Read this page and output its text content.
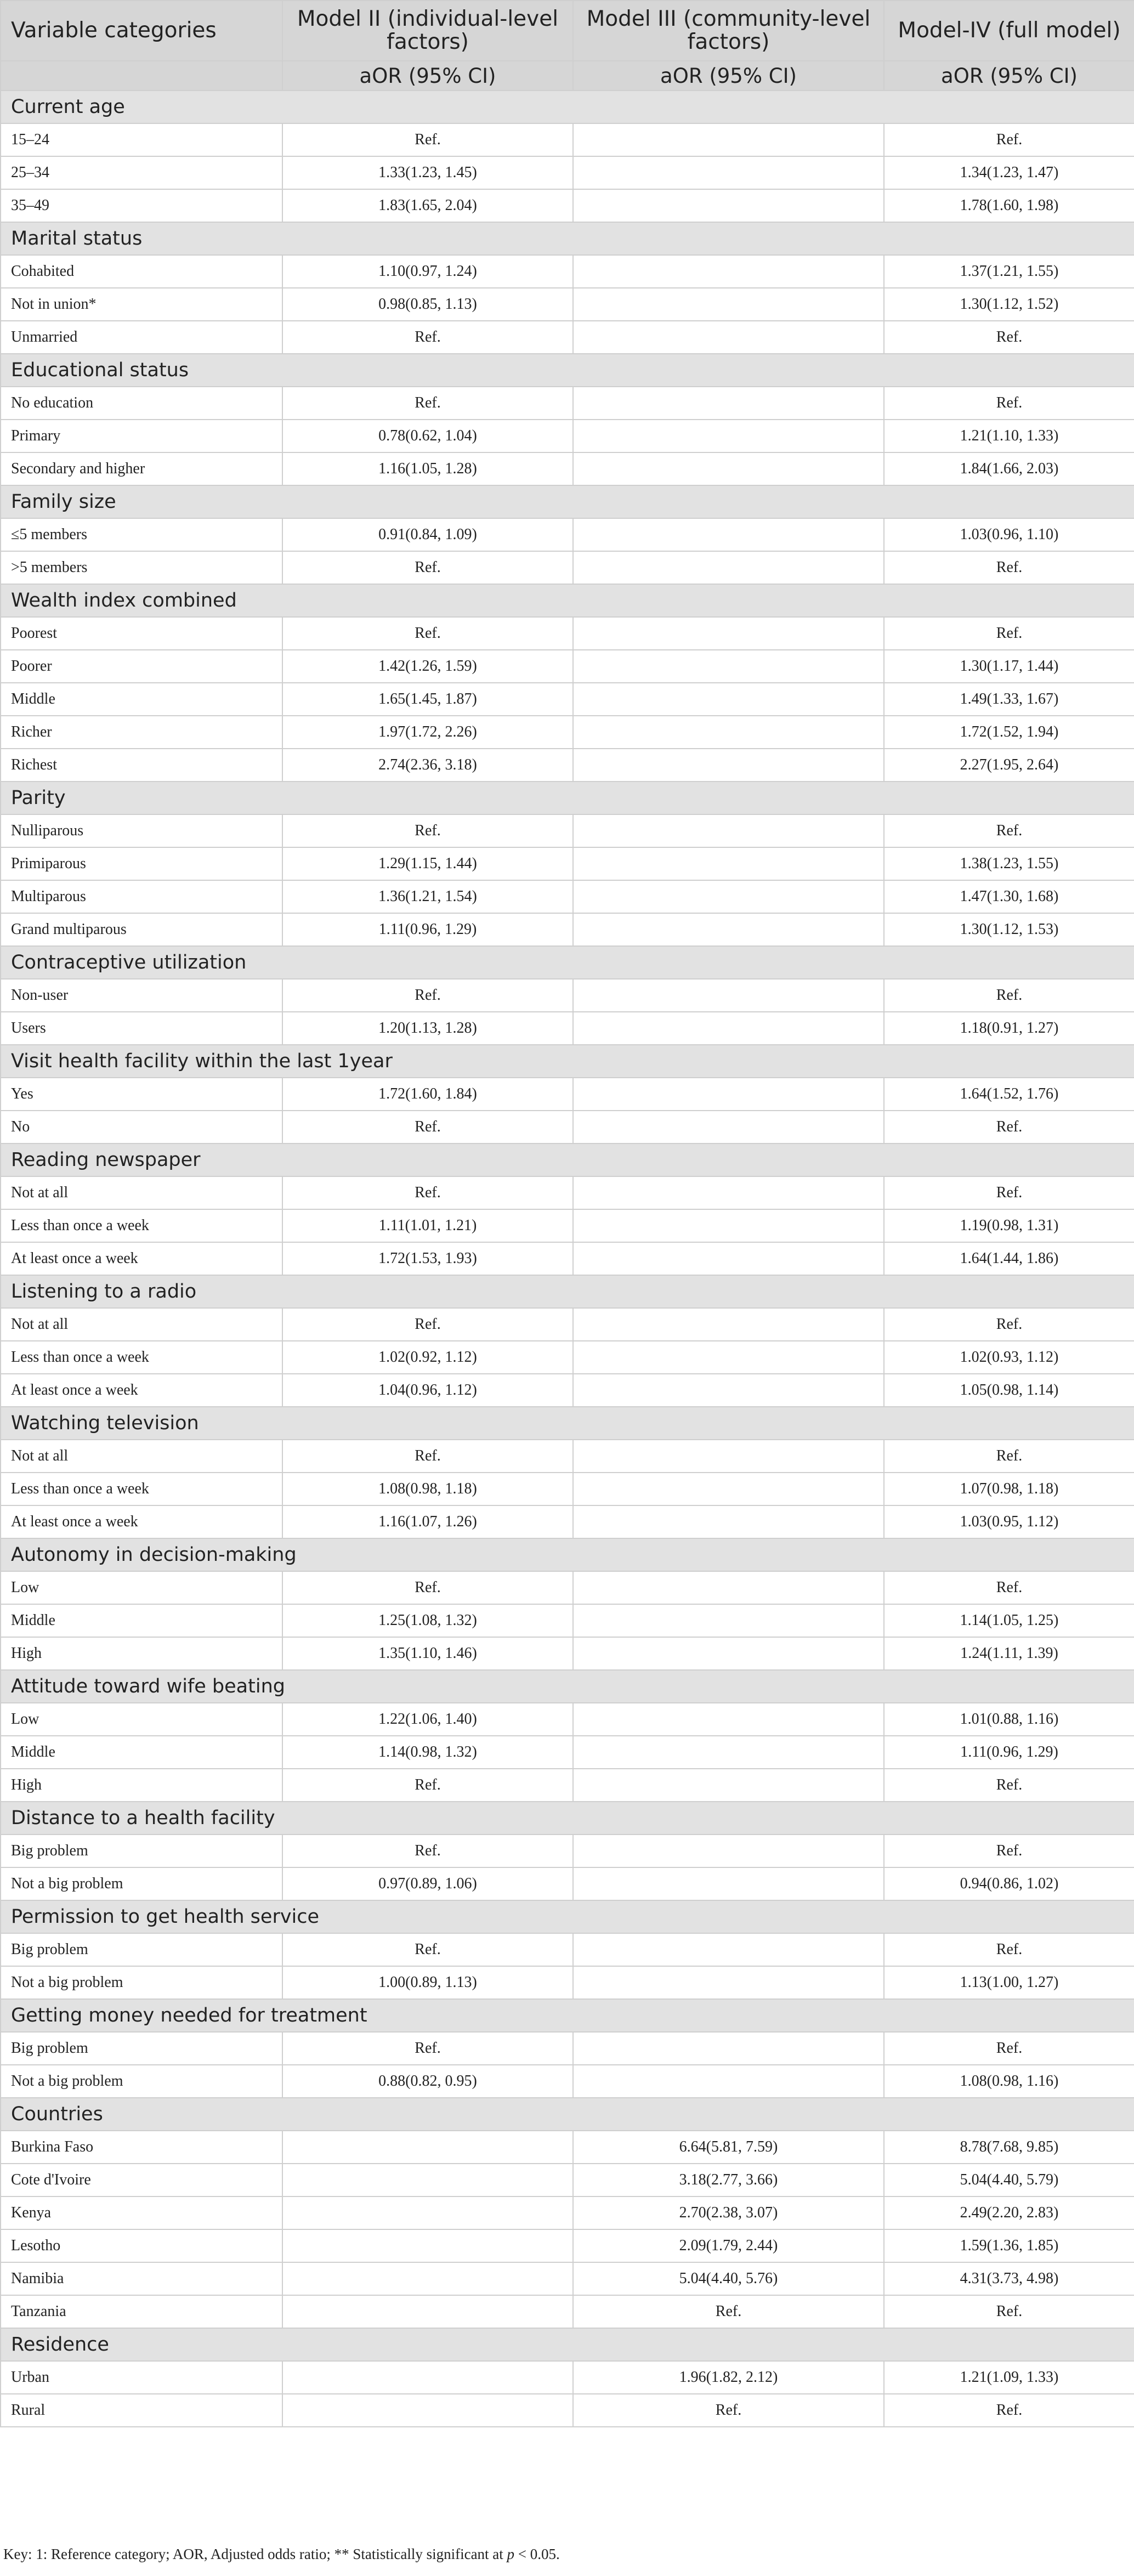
Variable categories	Model II (individual-level factors)	Model III (community-level factors)	Model-IV (full model)
	aOR (95% CI)	aOR (95% CI)	aOR (95% CI)
Current age			
15–24	Ref.		Ref.
25–34	1.33(1.23, 1.45)		1.34(1.23, 1.47)
35–49	1.83(1.65, 2.04)		1.78(1.60, 1.98)
Marital status			
Cohabited	1.10(0.97, 1.24)		1.37(1.21, 1.55)
Not in union*	0.98(0.85, 1.13)		1.30(1.12, 1.52)
Unmarried	Ref.		Ref.
Educational status			
No education	Ref.		Ref.
Primary	0.78(0.62, 1.04)		1.21(1.10, 1.33)
Secondary and higher	1.16(1.05, 1.28)		1.84(1.66, 2.03)
Family size			
≤5 members	0.91(0.84, 1.09)		1.03(0.96, 1.10)
>5 members	Ref.		Ref.
Wealth index combined			
Poorest	Ref.		Ref.
Poorer	1.42(1.26, 1.59)		1.30(1.17, 1.44)
Middle	1.65(1.45, 1.87)		1.49(1.33, 1.67)
Richer	1.97(1.72, 2.26)		1.72(1.52, 1.94)
Richest	2.74(2.36, 3.18)		2.27(1.95, 2.64)
Parity			
Nulliparous	Ref.		Ref.
Primiparous	1.29(1.15, 1.44)		1.38(1.23, 1.55)
Multiparous	1.36(1.21, 1.54)		1.47(1.30, 1.68)
Grand multiparous	1.11(0.96, 1.29)		1.30(1.12, 1.53)
Contraceptive utilization			
Non-user	Ref.		Ref.
Users	1.20(1.13, 1.28)		1.18(0.91, 1.27)
Visit health facility within the last 1year			
Yes	1.72(1.60, 1.84)		1.64(1.52, 1.76)
No	Ref.		Ref.
Reading newspaper			
Not at all	Ref.		Ref.
Less than once a week	1.11(1.01, 1.21)		1.19(0.98, 1.31)
At least once a week	1.72(1.53, 1.93)		1.64(1.44, 1.86)
Listening to a radio			
Not at all	Ref.		Ref.
Less than once a week	1.02(0.92, 1.12)		1.02(0.93, 1.12)
At least once a week	1.04(0.96, 1.12)		1.05(0.98, 1.14)
Watching television			
Not at all	Ref.		Ref.
Less than once a week	1.08(0.98, 1.18)		1.07(0.98, 1.18)
At least once a week	1.16(1.07, 1.26)		1.03(0.95, 1.12)
Autonomy in decision-making			
Low	Ref.		Ref.
Middle	1.25(1.08, 1.32)		1.14(1.05, 1.25)
High	1.35(1.10, 1.46)		1.24(1.11, 1.39)
Attitude toward wife beating			
Low	1.22(1.06, 1.40)		1.01(0.88, 1.16)
Middle	1.14(0.98, 1.32)		1.11(0.96, 1.29)
High	Ref.		Ref.
Distance to a health facility			
Big problem	Ref.		Ref.
Not a big problem	0.97(0.89, 1.06)		0.94(0.86, 1.02)
Permission to get health service			
Big problem	Ref.		Ref.
Not a big problem	1.00(0.89, 1.13)		1.13(1.00, 1.27)
Getting money needed for treatment			
Big problem	Ref.		Ref.
Not a big problem	0.88(0.82, 0.95)		1.08(0.98, 1.16)
Countries			
Burkina Faso		6.64(5.81, 7.59)	8.78(7.68, 9.85)
Cote d'Ivoire		3.18(2.77, 3.66)	5.04(4.40, 5.79)
Kenya		2.70(2.38, 3.07)	2.49(2.20, 2.83)
Lesotho		2.09(1.79, 2.44)	1.59(1.36, 1.85)
Namibia		5.04(4.40, 5.76)	4.31(3.73, 4.98)
Tanzania		Ref.	Ref.
Residence			
Urban		1.96(1.82, 2.12)	1.21(1.09, 1.33)
Rural		Ref.	Ref.
Key: 1: Reference category; AOR, Adjusted odds ratio; ** Statistically significant at p < 0.05.
